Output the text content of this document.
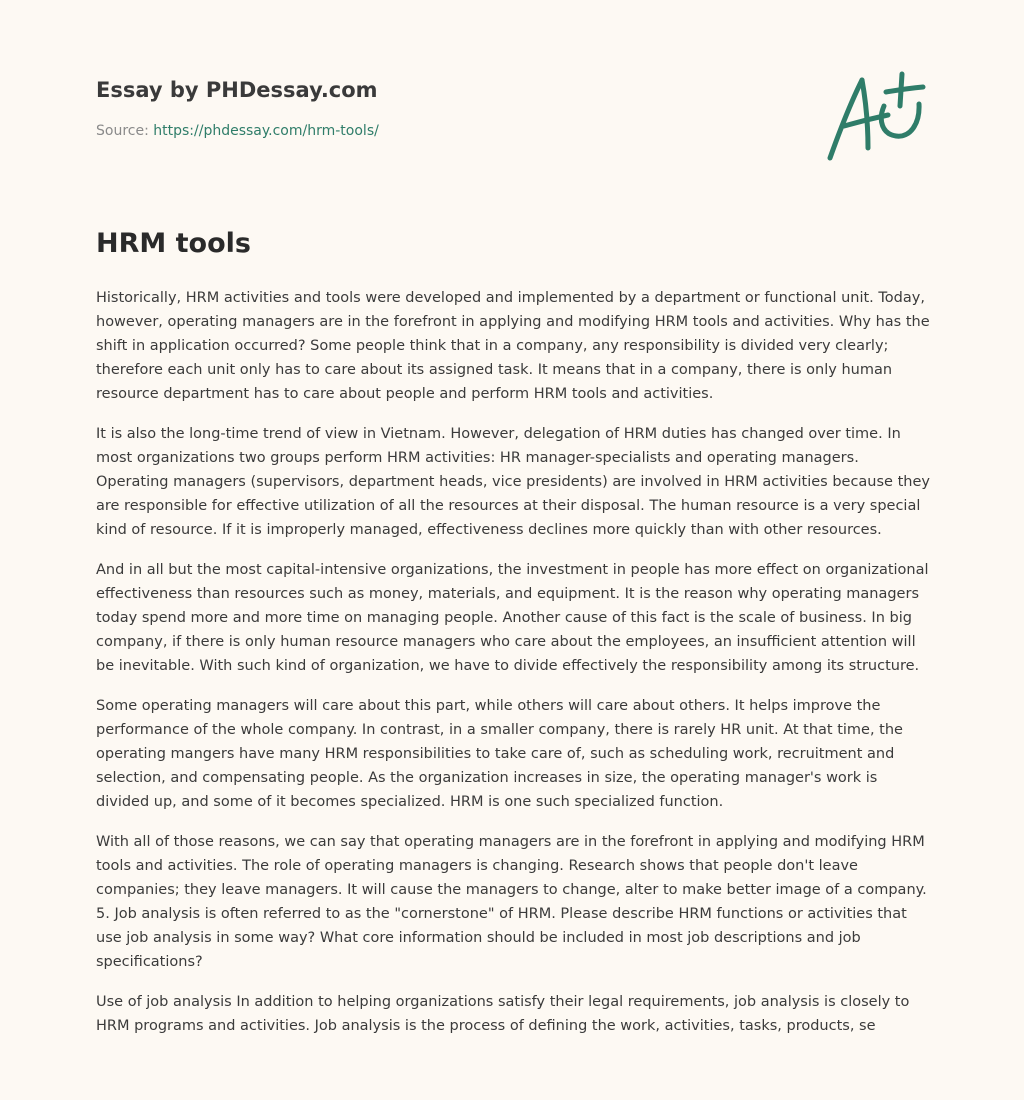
Essay by PHDessay.com
Source: https://phdessay.com/hrm-tools/
HRM tools

Historically, HRM activities and tools were developed and implemented by a department or functional unit. Today, however, operating managers are in the forefront in applying and modifying HRM tools and activities. Why has the shift in application occurred? Some people think that in a company, any responsibility is divided very clearly; therefore each unit only has to care about its assigned task. It means that in a company, there is only human resource department has to care about people and perform HRM tools and activities.

It is also the long-time trend of view in Vietnam. However, delegation of HRM duties has changed over time. In most organizations two groups perform HRM activities: HR manager-specialists and operating managers. Operating managers (supervisors, department heads, vice presidents) are involved in HRM activities because they are responsible for effective utilization of all the resources at their disposal. The human resource is a very special kind of resource. If it is improperly managed, effectiveness declines more quickly than with other resources.

And in all but the most capital-intensive organizations, the investment in people has more effect on organizational effectiveness than resources such as money, materials, and equipment. It is the reason why operating managers today spend more and more time on managing people. Another cause of this fact is the scale of business. In big company, if there is only human resource managers who care about the employees, an insufficient attention will be inevitable. With such kind of organization, we have to divide effectively the responsibility among its structure.

Some operating managers will care about this part, while others will care about others. It helps improve the performance of the whole company. In contrast, in a smaller company, there is rarely HR unit. At that time, the operating mangers have many HRM responsibilities to take care of, such as scheduling work, recruitment and selection, and compensating people. As the organization increases in size, the operating manager's work is divided up, and some of it becomes specialized. HRM is one such specialized function.

With all of those reasons, we can say that operating managers are in the forefront in applying and modifying HRM tools and activities. The role of operating managers is changing. Research shows that people don't leave companies; they leave managers. It will cause the managers to change, alter to make better image of a company. 5. Job analysis is often referred to as the "cornerstone" of HRM. Please describe HRM functions or activities that use job analysis in some way? What core information should be included in most job descriptions and job specifications?

Use of job analysis In addition to helping organizations satisfy their legal requirements, job analysis is closely to HRM programs and activities. Job analysis is the process of defining the work, activities, tasks, products, se
